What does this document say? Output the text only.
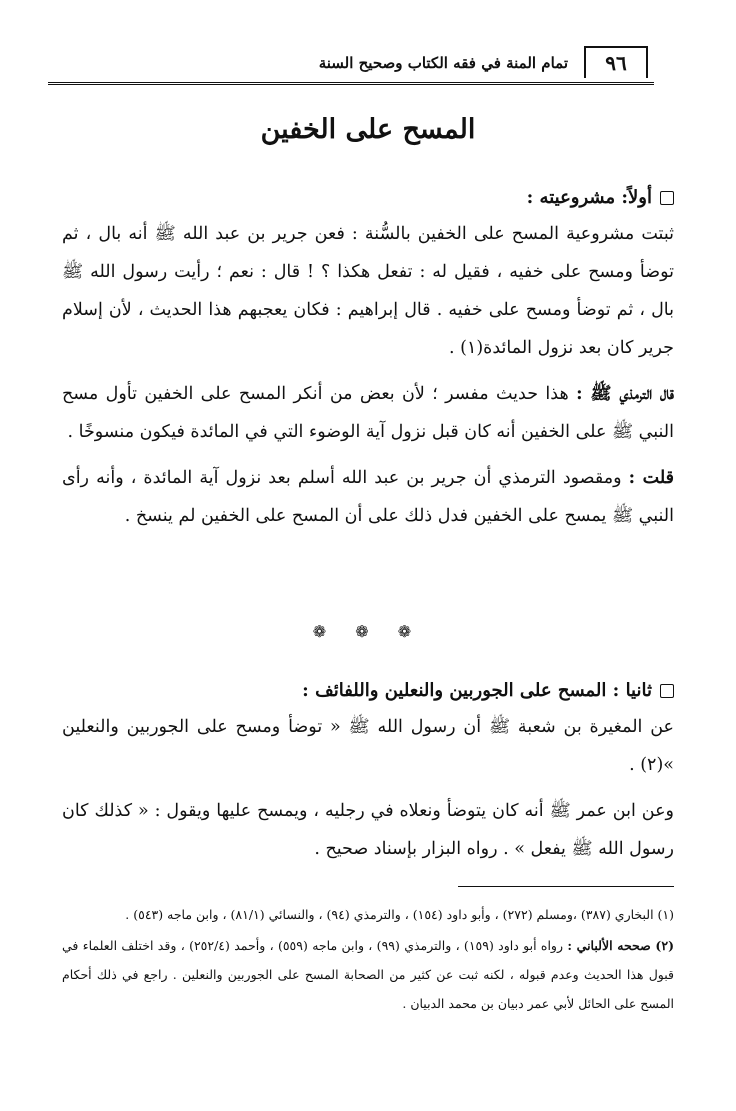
٩٦
تمام المنة في فقه الكتاب وصحيح السنة
المسح على الخفين
أولاً: مشروعيته :

ثبتت مشروعية المسح على الخفين بالسُّنة : فعن جرير بن عبد الله ﷺ أنه بال ، ثم توضأ ومسح على خفيه ، فقيل له : تفعل هكذا ؟ ! قال : نعم ؛ رأيت رسول الله ﷺ بال ، ثم توضأ ومسح على خفيه . قال إبراهيم : فكان يعجبهم هذا الحديث ، لأن إسلام جرير كان بعد نزول المائدة(١) .

قال الترمذي ﷺ : هذا حديث مفسر ؛ لأن بعض من أنكر المسح على الخفين تأول مسح النبي ﷺ على الخفين أنه كان قبل نزول آية الوضوء التي في المائدة فيكون منسوخًا .

قلت : ومقصود الترمذي أن جرير بن عبد الله أسلم بعد نزول آية المائدة ، وأنه رأى النبي ﷺ يمسح على الخفين فدل ذلك على أن المسح على الخفين لم ينسخ .

❁ ❁ ❁
ثانيا : المسح على الجوربين والنعلين واللفائف :

عن المغيرة بن شعبة ﷺ أن رسول الله ﷺ « توضأ ومسح على الجوربين والنعلين »(٢) .

وعن ابن عمر ﷺ أنه كان يتوضأ ونعلاه في رجليه ، ويمسح عليها ويقول : « كذلك كان رسول الله ﷺ يفعل » . رواه البزار بإسناد صحيح .

(١) البخاري (٣٨٧) ،ومسلم (٢٧٢) ، وأبو داود (١٥٤) ، والترمذي (٩٤) ، والنسائي (٨١/١) ، وابن ماجه (٥٤٣) .

(٢) صححه الألباني : رواه أبو داود (١٥٩) ، والترمذي (٩٩) ، وابن ماجه (٥٥٩) ، وأحمد (٢٥٢/٤) ، وقد اختلف العلماء في قبول هذا الحديث وعدم قبوله ، لكنه ثبت عن كثير من الصحابة المسح على الجوربين والنعلين . راجع في ذلك أحكام المسح على الحائل لأبي عمر دبيان بن محمد الدبيان .
